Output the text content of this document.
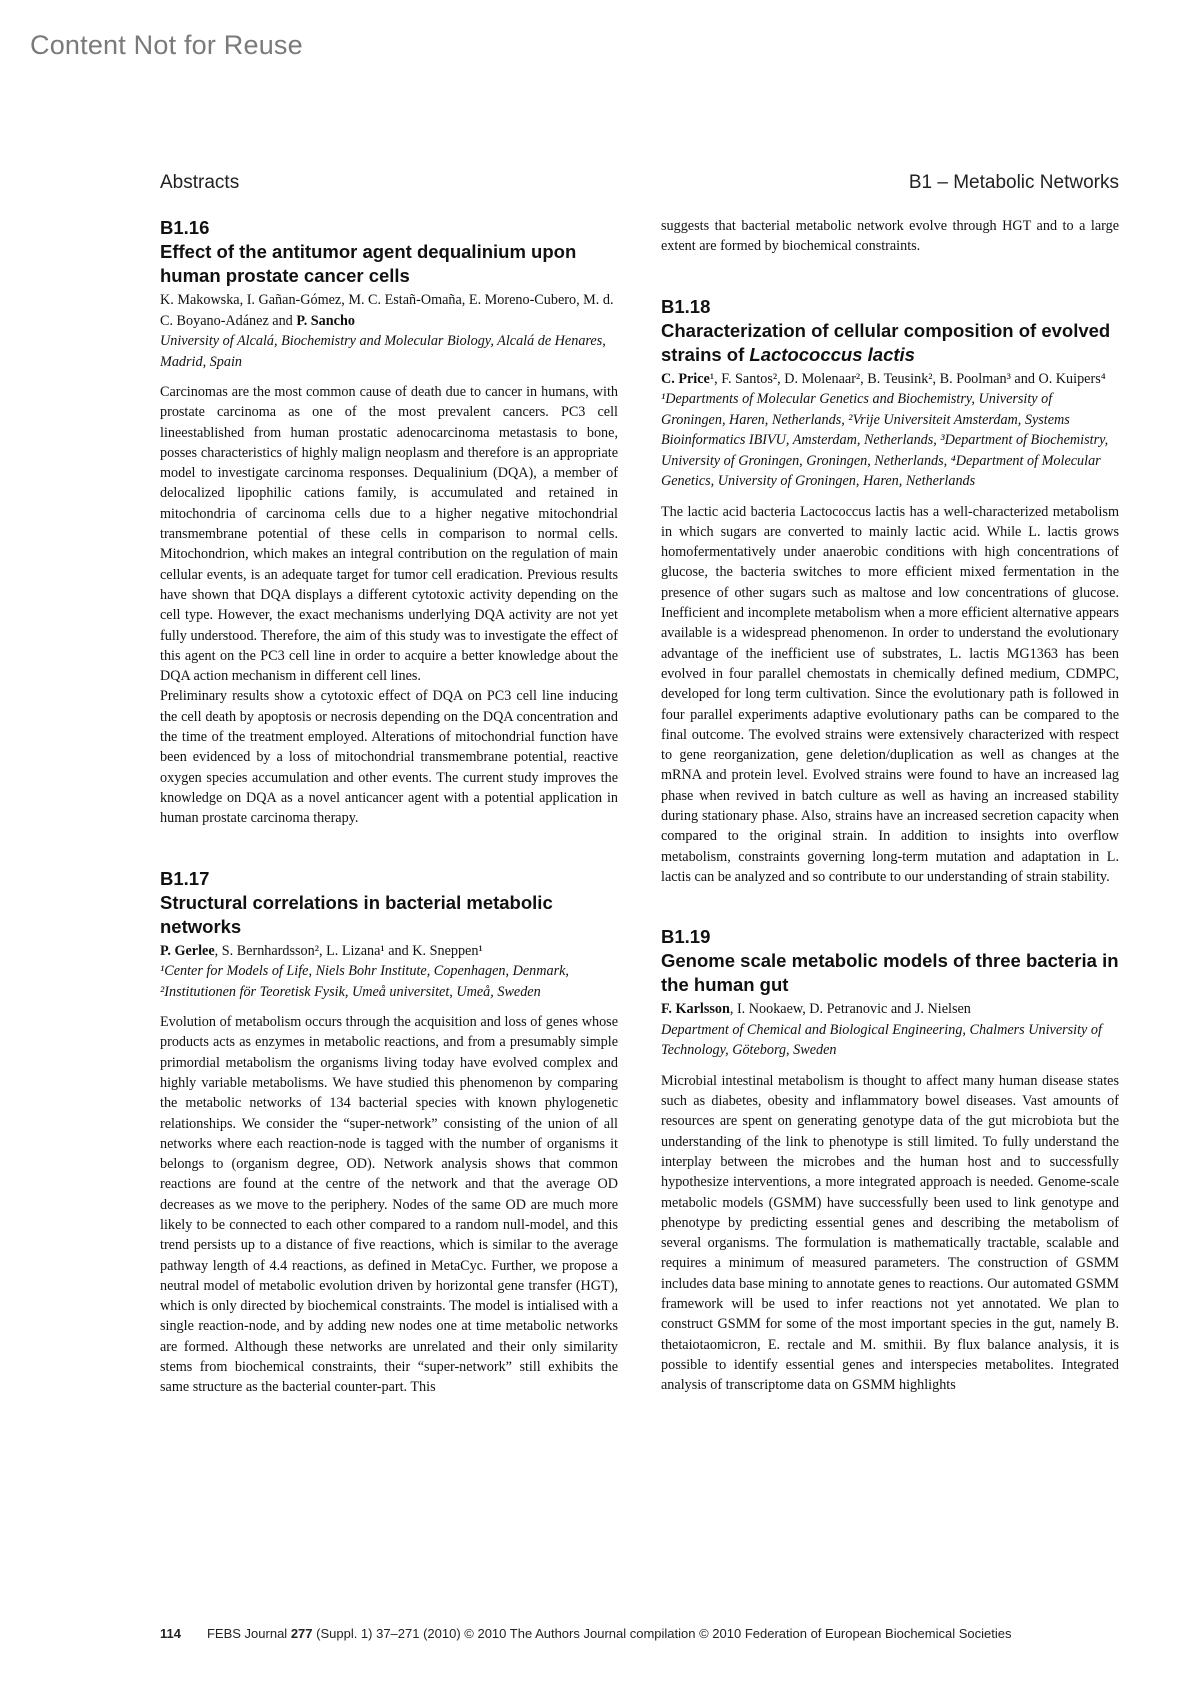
Content Not for Reuse
Abstracts	B1 – Metabolic Networks
B1.16
Effect of the antitumor agent dequalinium upon human prostate cancer cells
K. Makowska, I. Gañan-Gómez, M. C. Estañ-Omaña, E. Moreno-Cubero, M. d. C. Boyano-Adánez and P. Sancho
University of Alcalá, Biochemistry and Molecular Biology, Alcalá de Henares, Madrid, Spain

Carcinomas are the most common cause of death due to cancer in humans, with prostate carcinoma as one of the most prevalent cancers. PC3 cell lineestablished from human prostatic adenocarcinoma metastasis to bone, posses characteristics of highly malign neoplasm and therefore is an appropriate model to investigate carcinoma responses. Dequalinium (DQA), a member of delocalized lipophilic cations family, is accumulated and retained in mitochondria of carcinoma cells due to a higher negative mitochondrial transmembrane potential of these cells in comparison to normal cells. Mitochondrion, which makes an integral contribution on the regulation of main cellular events, is an adequate target for tumor cell eradication. Previous results have shown that DQA displays a different cytotoxic activity depending on the cell type. However, the exact mechanisms underlying DQA activity are not yet fully understood. Therefore, the aim of this study was to investigate the effect of this agent on the PC3 cell line in order to acquire a better knowledge about the DQA action mechanism in different cell lines.

Preliminary results show a cytotoxic effect of DQA on PC3 cell line inducing the cell death by apoptosis or necrosis depending on the DQA concentration and the time of the treatment employed. Alterations of mitochondrial function have been evidenced by a loss of mitochondrial transmembrane potential, reactive oxygen species accumulation and other events. The current study improves the knowledge on DQA as a novel anticancer agent with a potential application in human prostate carcinoma therapy.

B1.17
Structural correlations in bacterial metabolic networks
P. Gerlee, S. Bernhardsson², L. Lizana¹ and K. Sneppen¹
¹Center for Models of Life, Niels Bohr Institute, Copenhagen, Denmark, ²Institutionen för Teoretisk Fysik, Umeå universitet, Umeå, Sweden

Evolution of metabolism occurs through the acquisition and loss of genes whose products acts as enzymes in metabolic reactions, and from a presumably simple primordial metabolism the organisms living today have evolved complex and highly variable metabolisms. We have studied this phenomenon by comparing the metabolic networks of 134 bacterial species with known phylogenetic relationships. We consider the “super-network” consisting of the union of all networks where each reaction-node is tagged with the number of organisms it belongs to (organism degree, OD). Network analysis shows that common reactions are found at the centre of the network and that the average OD decreases as we move to the periphery. Nodes of the same OD are much more likely to be connected to each other compared to a random null-model, and this trend persists up to a distance of five reactions, which is similar to the average pathway length of 4.4 reactions, as defined in MetaCyc. Further, we propose a neutral model of metabolic evolution driven by horizontal gene transfer (HGT), which is only directed by biochemical constraints. The model is intialised with a single reaction-node, and by adding new nodes one at time metabolic networks are formed. Although these networks are unrelated and their only similarity stems from biochemical constraints, their “super-network” still exhibits the same structure as the bacterial counter-part. This

suggests that bacterial metabolic network evolve through HGT and to a large extent are formed by biochemical constraints.

B1.18
Characterization of cellular composition of evolved strains of Lactococcus lactis
C. Price¹, F. Santos², D. Molenaar², B. Teusink², B. Poolman³ and O. Kuipers⁴
¹Departments of Molecular Genetics and Biochemistry, University of Groningen, Haren, Netherlands, ²Vrije Universiteit Amsterdam, Systems Bioinformatics IBIVU, Amsterdam, Netherlands, ³Department of Biochemistry, University of Groningen, Groningen, Netherlands, ⁴Department of Molecular Genetics, University of Groningen, Haren, Netherlands

The lactic acid bacteria Lactococcus lactis has a well-characterized metabolism in which sugars are converted to mainly lactic acid. While L. lactis grows homofermentatively under anaerobic conditions with high concentrations of glucose, the bacteria switches to more efficient mixed fermentation in the presence of other sugars such as maltose and low concentrations of glucose. Inefficient and incomplete metabolism when a more efficient alternative appears available is a widespread phenomenon. In order to understand the evolutionary advantage of the inefficient use of substrates, L. lactis MG1363 has been evolved in four parallel chemostats in chemically defined medium, CDMPC, developed for long term cultivation. Since the evolutionary path is followed in four parallel experiments adaptive evolutionary paths can be compared to the final outcome. The evolved strains were extensively characterized with respect to gene reorganization, gene deletion/duplication as well as changes at the mRNA and protein level. Evolved strains were found to have an increased lag phase when revived in batch culture as well as having an increased stability during stationary phase. Also, strains have an increased secretion capacity when compared to the original strain. In addition to insights into overflow metabolism, constraints governing long-term mutation and adaptation in L. lactis can be analyzed and so contribute to our understanding of strain stability.

B1.19
Genome scale metabolic models of three bacteria in the human gut
F. Karlsson, I. Nookaew, D. Petranovic and J. Nielsen
Department of Chemical and Biological Engineering, Chalmers University of Technology, Göteborg, Sweden

Microbial intestinal metabolism is thought to affect many human disease states such as diabetes, obesity and inflammatory bowel diseases. Vast amounts of resources are spent on generating genotype data of the gut microbiota but the understanding of the link to phenotype is still limited. To fully understand the interplay between the microbes and the human host and to successfully hypothesize interventions, a more integrated approach is needed. Genome-scale metabolic models (GSMM) have successfully been used to link genotype and phenotype by predicting essential genes and describing the metabolism of several organisms. The formulation is mathematically tractable, scalable and requires a minimum of measured parameters. The construction of GSMM includes data base mining to annotate genes to reactions. Our automated GSMM framework will be used to infer reactions not yet annotated. We plan to construct GSMM for some of the most important species in the gut, namely B. thetaiotaomicron, E. rectale and M. smithii. By flux balance analysis, it is possible to identify essential genes and interspecies metabolites. Integrated analysis of transcriptome data on GSMM highlights

114 FEBS Journal 277 (Suppl. 1) 37–271 (2010) © 2010 The Authors Journal compilation © 2010 Federation of European Biochemical Societies
